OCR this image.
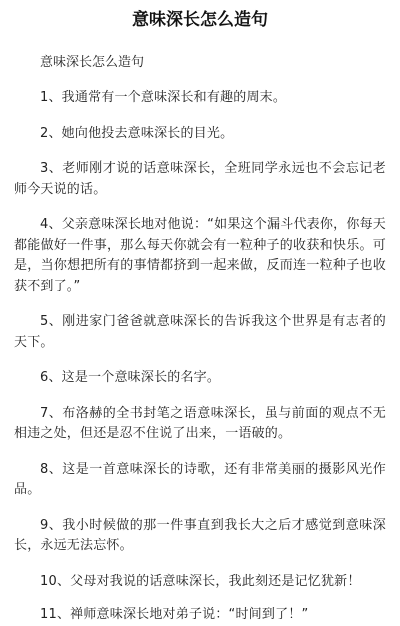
意味深长怎么造句
意味深长怎么造句
1、我通常有一个意味深长和有趣的周末。
2、她向他投去意味深长的目光。
3、老师刚才说的话意味深长，全班同学永远也不会忘记老师今天说的话。
4、父亲意味深长地对他说：“如果这个漏斗代表你，你每天都能做好一件事，那么每天你就会有一粒种子的收获和快乐。可是，当你想把所有的事情都挤到一起来做，反而连一粒种子也收获不到了。”
5、刚进家门爸爸就意味深长的告诉我这个世界是有志者的天下。
6、这是一个意味深长的名字。
7、布洛赫的全书封笔之语意味深长，虽与前面的观点不无相违之处，但还是忍不住说了出来，一语破的。
8、这是一首意味深长的诗歌，还有非常美丽的摄影风光作品。
9、我小时候做的那一件事直到我长大之后才感觉到意味深长，永远无法忘怀。
10、父母对我说的话意味深长，我此刻还是记忆犹新！
11、禅师意味深长地对弟子说：“时间到了！”
